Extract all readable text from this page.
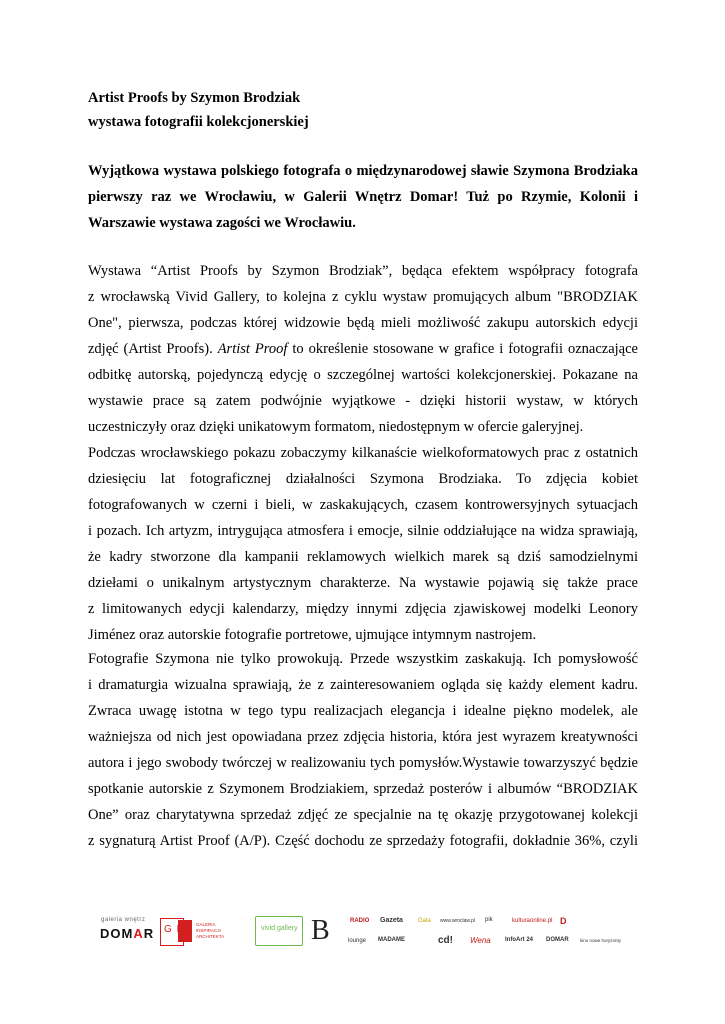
Artist Proofs by Szymon Brodziak
wystawa fotografii kolekcjonerskiej
Wyjątkowa wystawa polskiego fotografa o międzynarodowej sławie Szymona Brodziaka pierwszy raz we Wrocławiu, w Galerii Wnętrz Domar! Tuż po Rzymie, Kolonii i Warszawie wystawa zagości we Wrocławiu.
Wystawa “Artist Proofs by Szymon Brodziak”, będąca efektem współpracy fotografa
z wrocławską Vivid Gallery, to kolejna z cyklu wystaw promujących album "BRODZIAK
One", pierwsza, podczas której widzowie będą mieli możliwość zakupu autorskich edycji
zdjęć (Artist Proofs). Artist Proof to określenie stosowane w grafice i fotografii oznaczające
odbitkę autorską, pojedynczą edycję o szczególnej wartości kolekcjonerskiej. Pokazane na
wystawie prace są zatem podwójnie wyjątkowe - dzięki historii wystaw, w których
uczestniczyły oraz dzięki unikatowym formatom, niedostępnym w ofercie galeryjnej.
Podczas wrocławskiego pokazu zobaczymy kilkanaście wielkoformatowych prac z ostatnich
dziesięciu lat fotograficznej działalności Szymona Brodziaka. To zdjęcia kobiet
fotografowanych w czerni i bieli, w zaskakujących, czasem kontrowersyjnych sytuacjach
i pozach. Ich artyzm, intrygująca atmosfera i emocje, silnie oddziałujące na widza sprawiają,
że kadry stworzone dla kampanii reklamowych wielkich marek są dziś samodzielnymi
dziełami o unikalnym artystycznym charakterze. Na wystawie pojawią się także prace
z limitowanych edycji kalendarzy, między innymi zdjęcia zjawiskowej modelki Leonory
Jiménez oraz autorskie fotografie portretowe, ujmujące intymnym nastrojem.
Fotografie Szymona nie tylko prowokują. Przede wszystkim zaskakują. Ich pomysłowość
i dramaturgia wizualna sprawiają, że z zainteresowaniem ogląda się każdy element kadru.
Zwraca uwagę istotna w tego typu realizacjach elegancja i idealne piękno modelek, ale
ważniejsza od nich jest opowiadana przez zdjęcia historia, która jest wyrazem kreatywności
autora i jego swobody twórczej w realizowaniu tych pomysłów.Wystawie towarzyszyć będzie
spotkanie autorskie z Szymonem Brodziakiem, sprzedaż posterów i albumów “BRODZIAK
One” oraz charytatywna sprzedaż zdjęć ze specjalnie na tę okazję przygotowanej kolekcji
z sygnaturą Artist Proof (A/P). Część dochodu ze sprzedaży fotografii, dokładnie 36%, czyli
galeria wnętrz
DOMAR G I	GALERIA INSPIRACJI ARCHITEKTA
vivid gallery B	RADIO Gazeta	Gala www.wroclaw.pl pik	kulturaonline.pl D
lounge MADAME	cd! Wena InfoArt 24 DOMAR	kino nowe horyzonty
